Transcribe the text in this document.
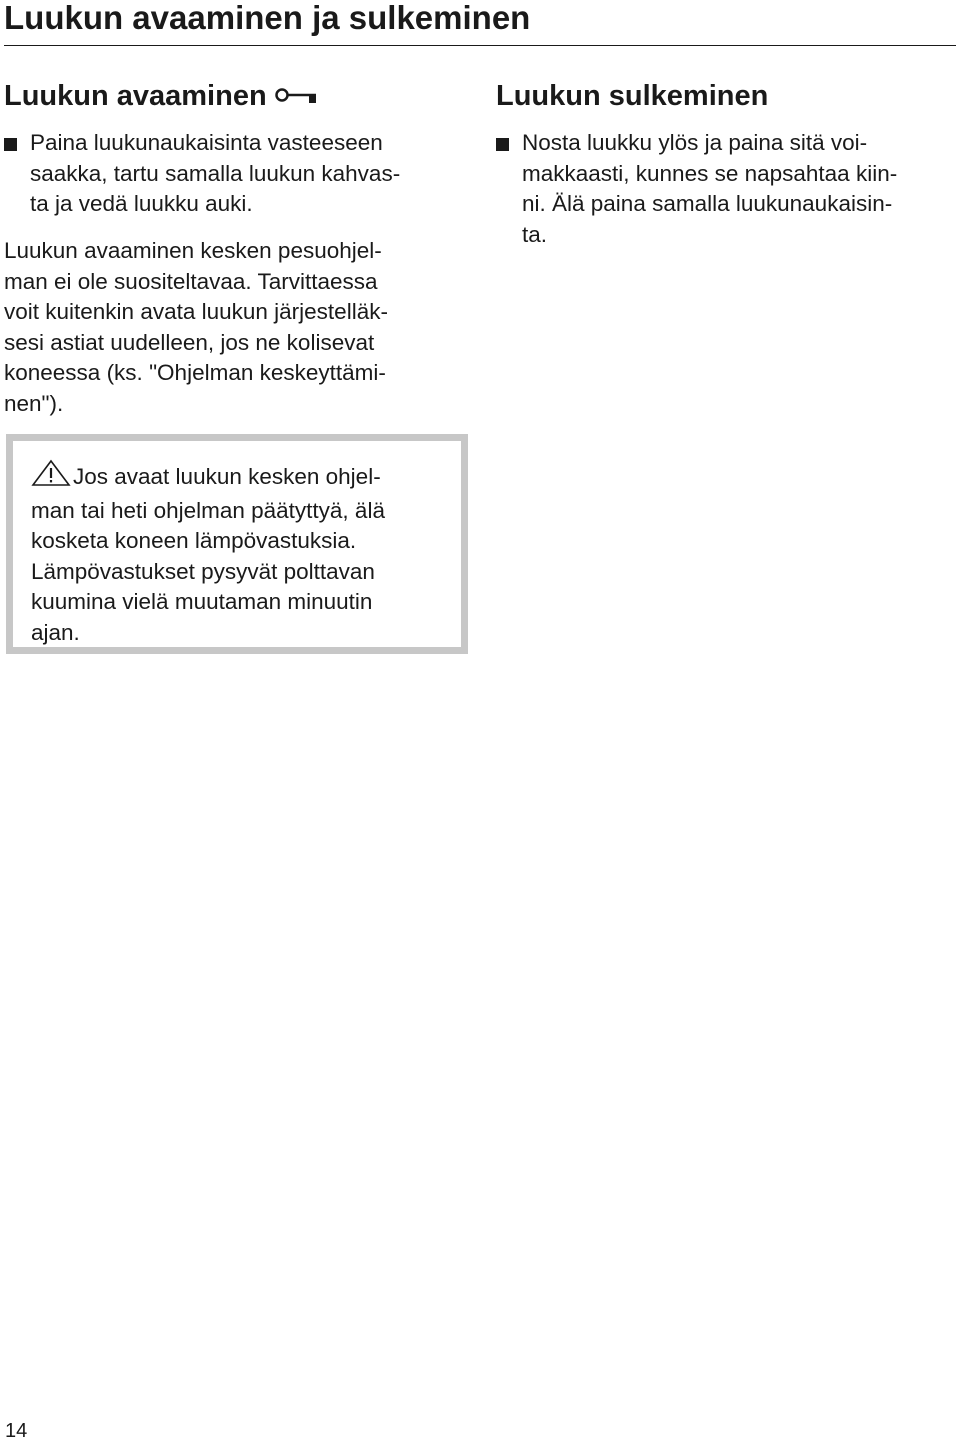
Luukun avaaminen ja sulkeminen
Luukun avaaminen
Paina luukunaukaisinta vasteeseen
saakka, tartu samalla luukun kahvas-
ta ja vedä luukku auki.
Luukun avaaminen kesken pesuohjel-
man ei ole suositeltavaa. Tarvittaessa
voit kuitenkin avata luukun järjestelläk-
sesi astiat uudelleen, jos ne kolisevat
koneessa (ks. "Ohjelman keskeyttämi-
nen").
Jos avaat luukun kesken ohjel-
man tai heti ohjelman päätyttyä, älä
kosketa koneen lämpövastuksia.
Lämpövastukset pysyvät polttavan
kuumina vielä muutaman minuutin
ajan.
Luukun sulkeminen
Nosta luukku ylös ja paina sitä voi-
makkaasti, kunnes se napsahtaa kiin-
ni. Älä paina samalla luukunaukaisin-
ta.
14
